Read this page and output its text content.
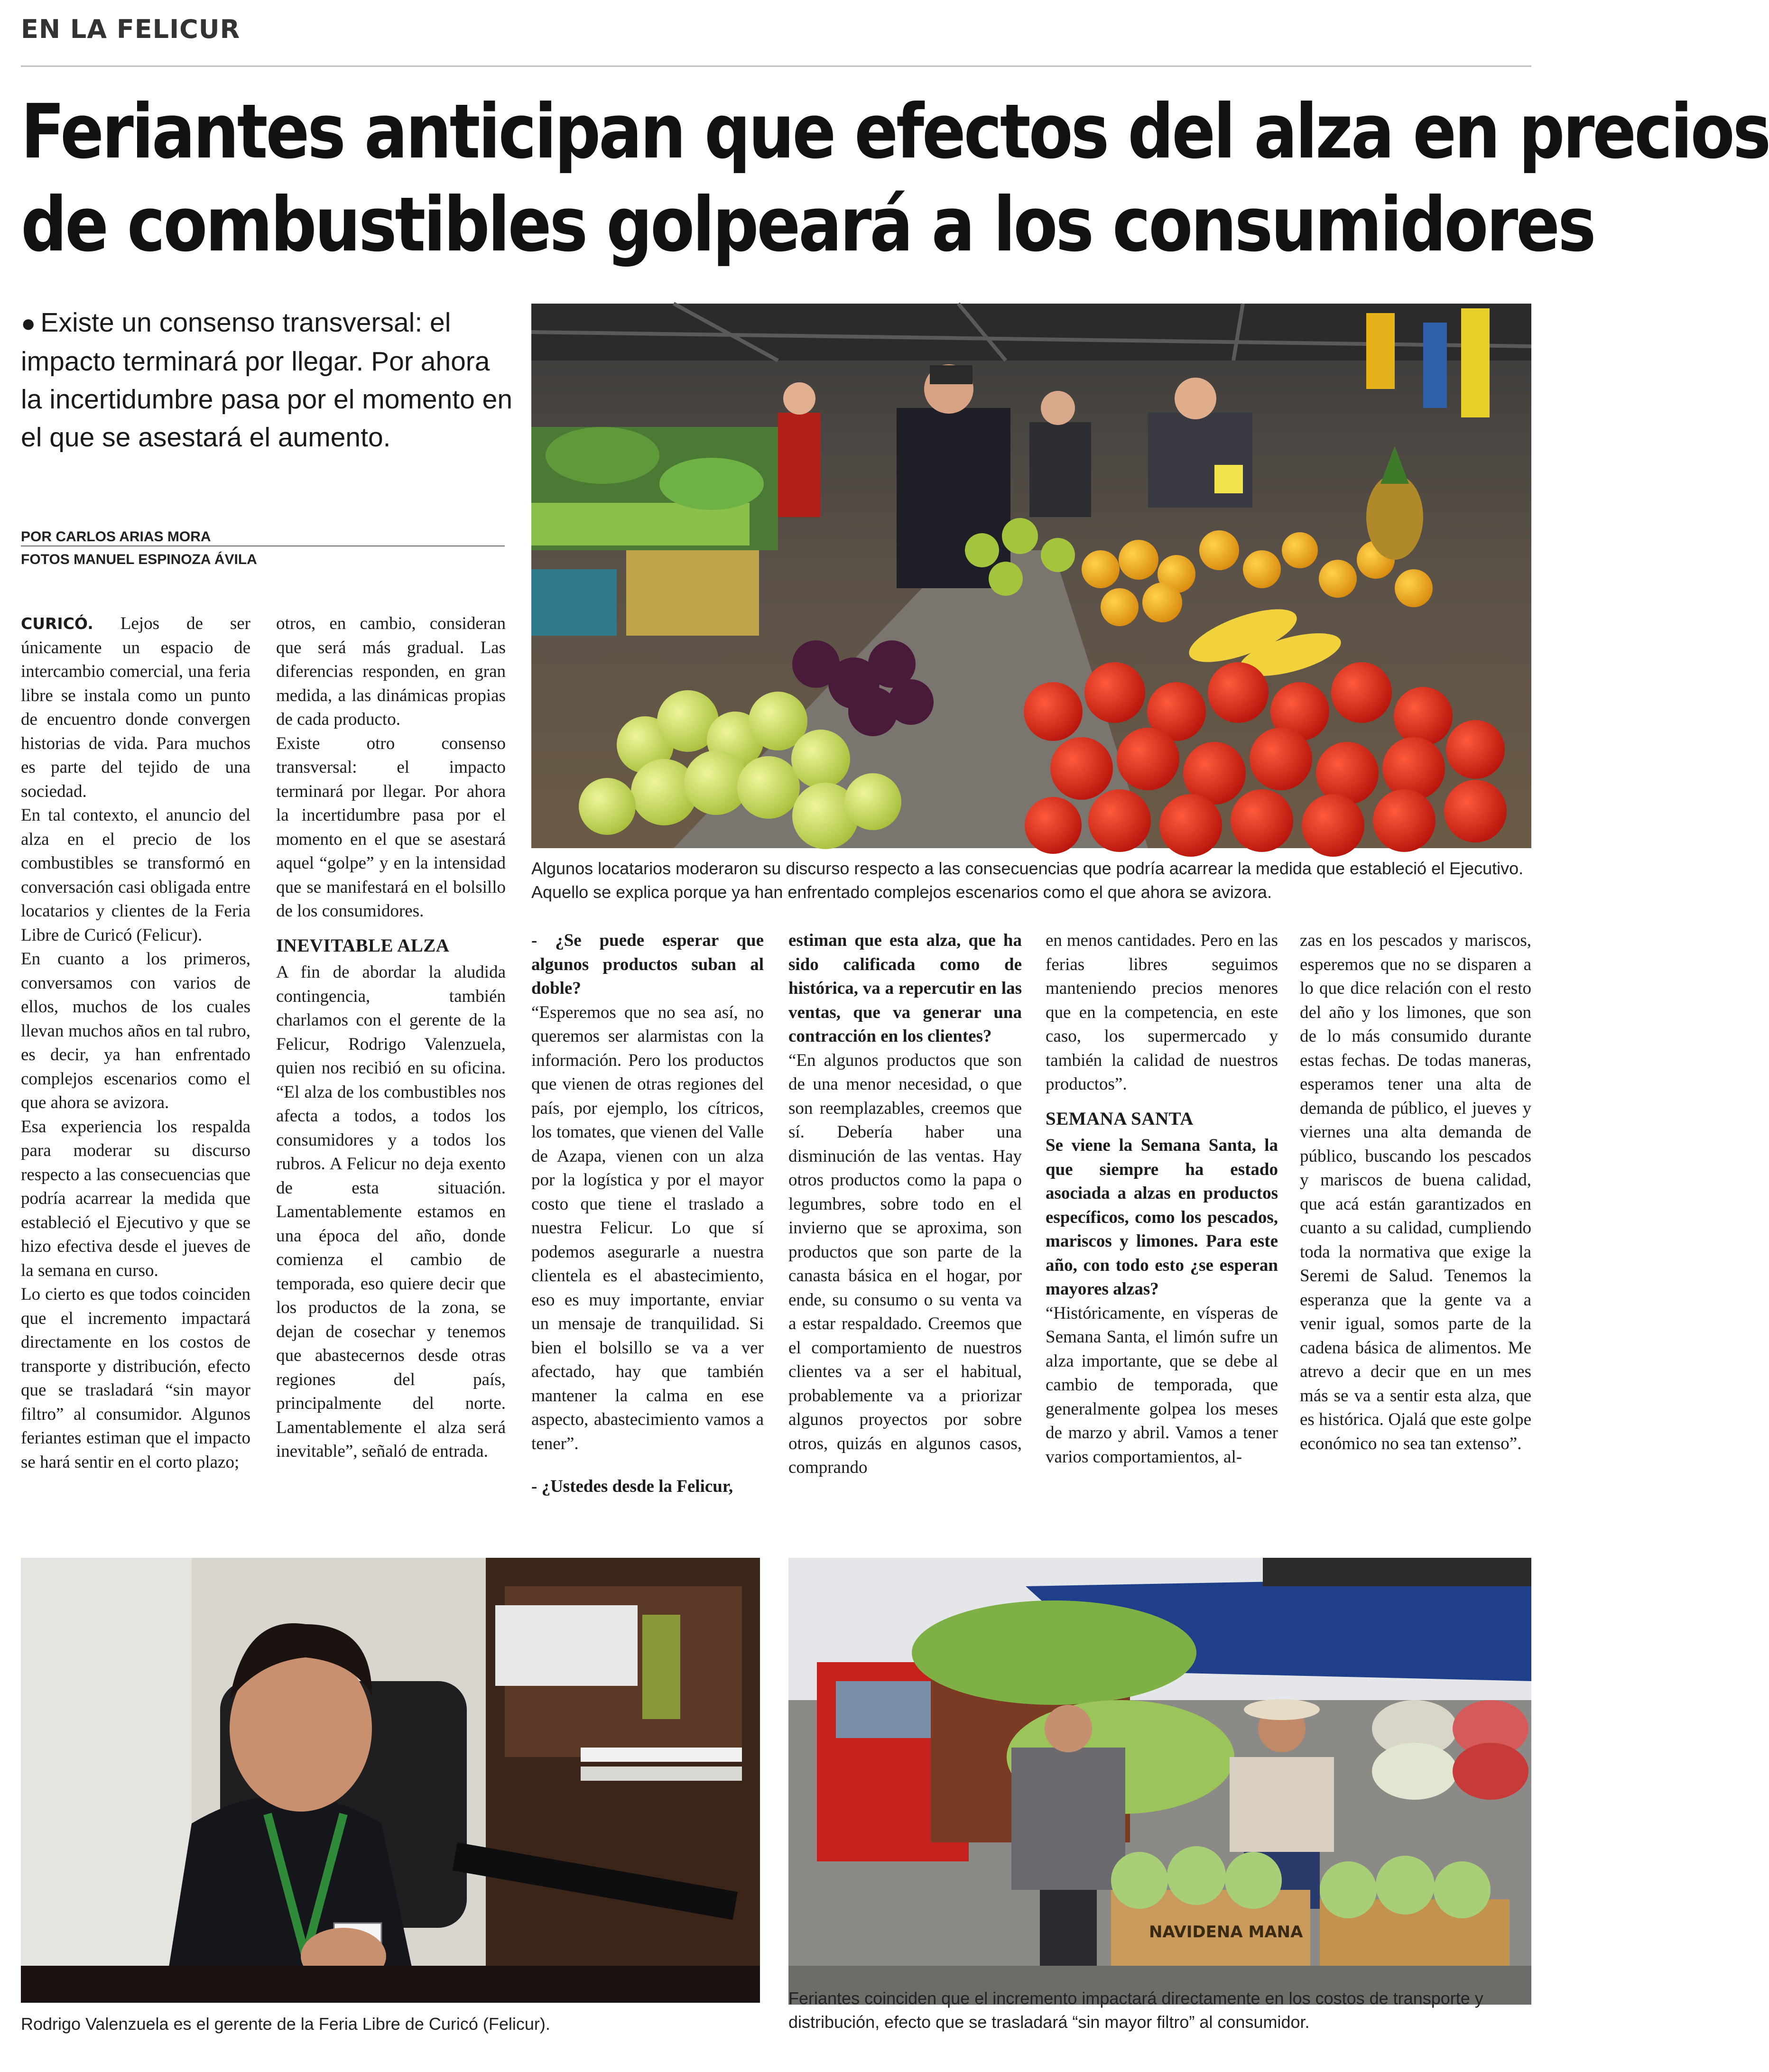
EN LA FELICUR
Feriantes anticipan que efectos del alza en precios
de combustibles golpeará a los consumidores
● Existe un consenso transversal: el impacto terminará por llegar. Por ahora la incertidumbre pasa por el momento en el que se asestará el aumento.
POR CARLOS ARIAS MORA
FOTOS MANUEL ESPINOZA ÁVILA
Algunos locatarios moderaron su discurso respecto a las consecuencias que podría acarrear la medida que estableció el Ejecutivo. Aquello se explica porque ya han enfrentado complejos escenarios como el que ahora se avizora.

CURICÓ. Lejos de ser únicamente un espacio de intercambio comercial, una feria libre se instala como un punto de encuentro donde convergen historias de vida. Para muchos es parte del tejido de una sociedad.

En tal contexto, el anuncio del alza en el precio de los combustibles se transformó en conversación casi obligada entre locatarios y clientes de la Feria Libre de Curicó (Felicur).

En cuanto a los primeros, conversamos con varios de ellos, muchos de los cuales llevan muchos años en tal rubro, es decir, ya han enfrentado complejos escenarios como el que ahora se avizora.

Esa experiencia los respalda para moderar su discurso respecto a las consecuencias que podría acarrear la medida que estableció el Ejecutivo y que se hizo efectiva desde el jueves de la semana en curso.

Lo cierto es que todos coinciden que el incremento impactará directamente en los costos de transporte y distribución, efecto que se trasladará “sin mayor filtro” al consumidor. Algunos feriantes estiman que el impacto se hará sentir en el corto plazo;

otros, en cambio, consideran que será más gradual. Las diferencias responden, en gran medida, a las dinámicas propias de cada producto.

Existe otro consenso transversal: el impacto terminará por llegar. Por ahora la incertidumbre pasa por el momento en el que se asestará aquel “golpe” y en la intensidad que se manifestará en el bolsillo de los consumidores.

INEVITABLE ALZA

A fin de abordar la aludida contingencia, también charlamos con el gerente de la Felicur, Rodrigo Valenzuela, quien nos recibió en su oficina. “El alza de los combustibles nos afecta a todos, a todos los consumidores y a todos los rubros. A Felicur no deja exento de esta situación. Lamentablemente estamos en una época del año, donde comienza el cambio de temporada, eso quiere decir que los productos de la zona, se dejan de cosechar y tenemos que abastecernos desde otras regiones del país, principalmente del norte. Lamentablemente el alza será inevitable”, señaló de entrada.

- ¿Se puede esperar que algunos productos suban al doble?

“Esperemos que no sea así, no queremos ser alarmistas con la información. Pero los productos que vienen de otras regiones del país, por ejemplo, los cítricos, los tomates, que vienen del Valle de Azapa, vienen con un alza por la logística y por el mayor costo que tiene el traslado a nuestra Felicur. Lo que sí podemos asegurarle a nuestra clientela es el abastecimiento, eso es muy importante, enviar un mensaje de tranquilidad. Si bien el bolsillo se va a ver afectado, hay que también mantener la calma en ese aspecto, abastecimiento vamos a tener”.

- ¿Ustedes desde la Felicur,

estiman que esta alza, que ha sido calificada como de histórica, va a repercutir en las ventas, que va generar una contracción en los clientes?

“En algunos productos que son de una menor necesidad, o que son reemplazables, creemos que sí. Debería haber una disminución de las ventas. Hay otros productos como la papa o legumbres, sobre todo en el invierno que se aproxima, son productos que son parte de la canasta básica en el hogar, por ende, su consumo o su venta va a estar respaldado. Creemos que el comportamiento de nuestros clientes va a ser el habitual, probablemente va a priorizar algunos proyectos por sobre otros, quizás en algunos casos, comprando

en menos cantidades. Pero en las ferias libres seguimos manteniendo precios menores que en la competencia, en este caso, los supermercado y también la calidad de nuestros productos”.

SEMANA SANTA

Se viene la Semana Santa, la que siempre ha estado asociada a alzas en productos específicos, como los pescados, mariscos y limones. Para este año, con todo esto ¿se esperan mayores alzas?

“Históricamente, en vísperas de Semana Santa, el limón sufre un alza importante, que se debe al cambio de temporada, que generalmente golpea los meses de marzo y abril. Vamos a tener varios comportamientos, al-

zas en los pescados y mariscos, esperemos que no se disparen a lo que dice relación con el resto del año y los limones, que son de lo más consumido durante estas fechas. De todas maneras, esperamos tener una alta de demanda de público, el jueves y viernes una alta demanda de público, buscando los pescados y mariscos de buena calidad, que acá están garantizados en cuanto a su calidad, cumpliendo toda la normativa que exige la Seremi de Salud. Tenemos la esperanza que la gente va a venir igual, somos parte de la cadena básica de alimentos. Me atrevo a decir que en un mes más se va a sentir esta alza, que es histórica. Ojalá que este golpe económico no sea tan extenso”.

Rodrigo Valenzuela es el gerente de la Feria Libre de Curicó (Felicur).
NAVIDENA MANA
Feriantes coinciden que el incremento impactará directamente en los costos de transporte y distribución, efecto que se trasladará “sin mayor filtro” al consumidor.
